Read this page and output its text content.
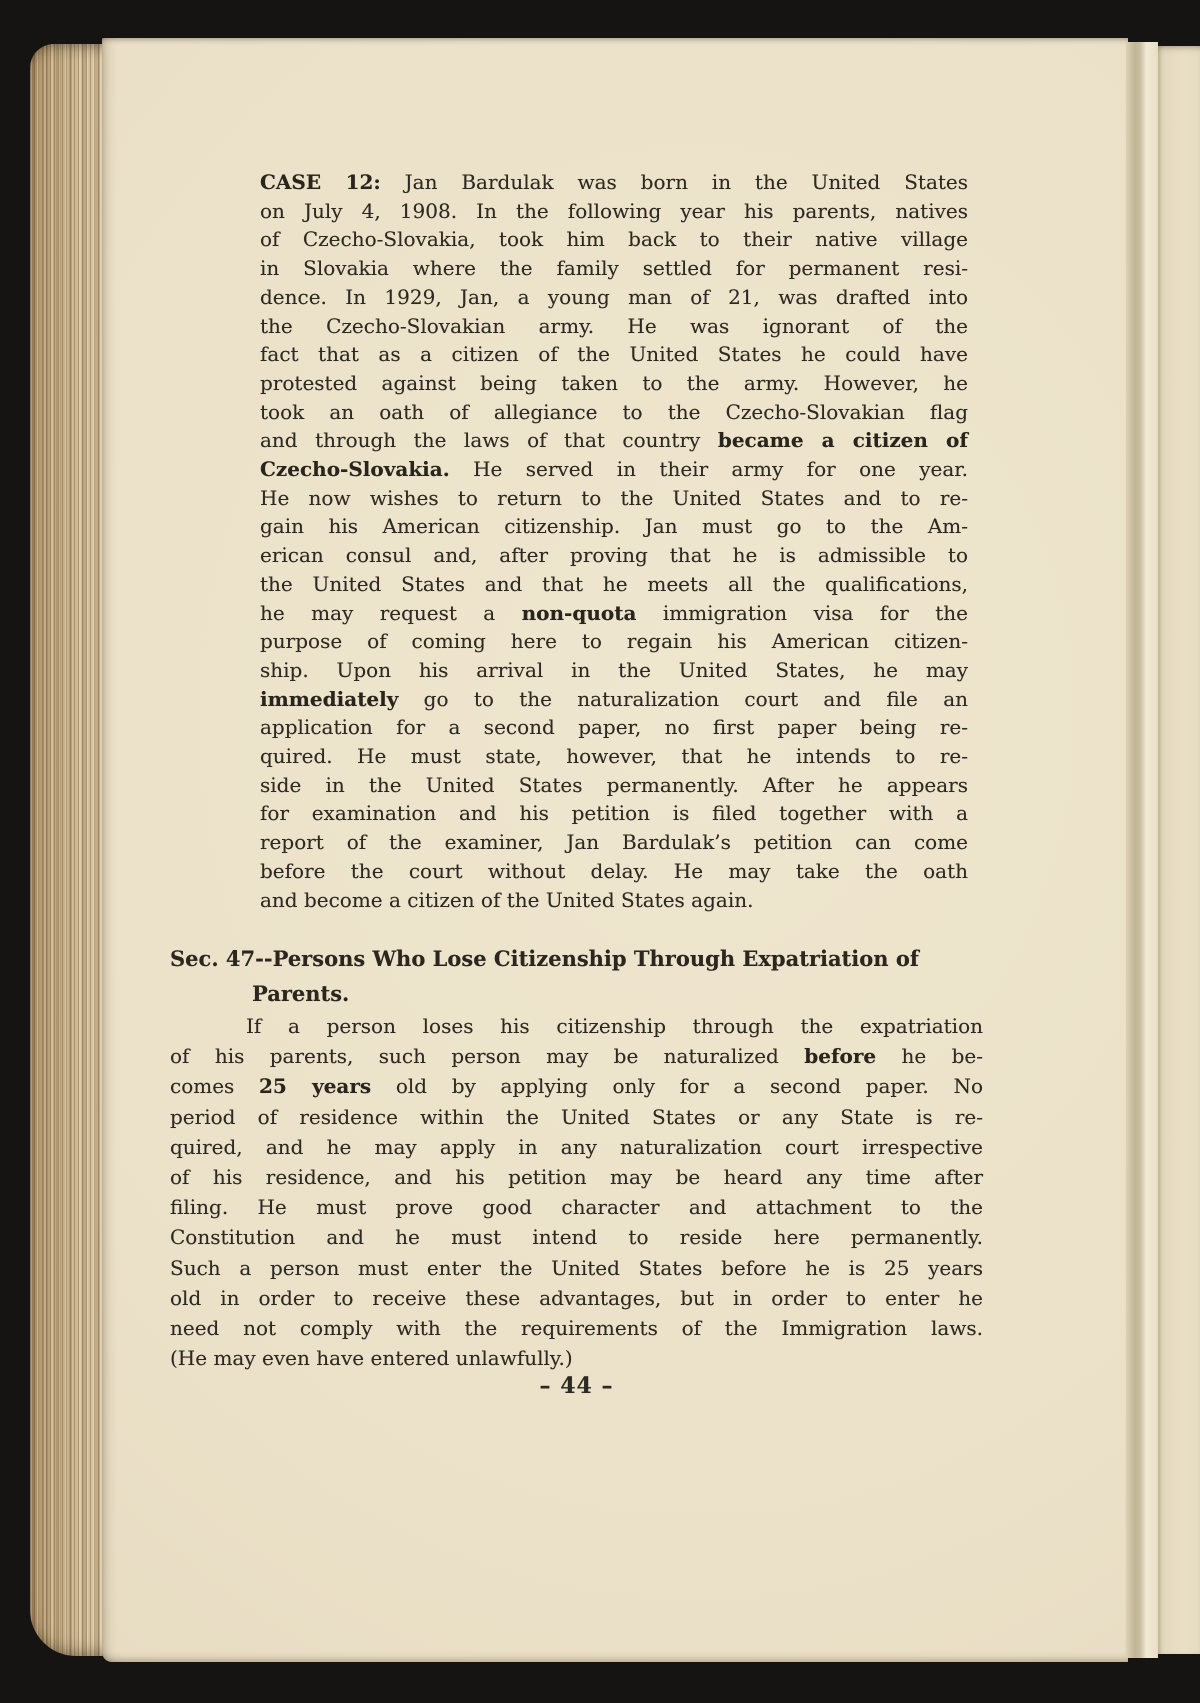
CASE 12: Jan Bardulak was born in the United States
on July 4, 1908. In the following year his parents, natives
of Czecho-Slovakia, took him back to their native village
in Slovakia where the family settled for permanent resi-
dence. In 1929, Jan, a young man of 21, was drafted into
the Czecho-Slovakian army. He was ignorant of the
fact that as a citizen of the United States he could have
protested against being taken to the army. However, he
took an oath of allegiance to the Czecho-Slovakian flag
and through the laws of that country became a citizen of
Czecho-Slovakia. He served in their army for one year.
He now wishes to return to the United States and to re-
gain his American citizenship. Jan must go to the Am-
erican consul and, after proving that he is admissible to
the United States and that he meets all the qualifications,
he may request a non-quota immigration visa for the
purpose of coming here to regain his American citizen-
ship. Upon his arrival in the United States, he may
immediately go to the naturalization court and file an
application for a second paper, no first paper being re-
quired. He must state, however, that he intends to re-
side in the United States permanently. After he appears
for examination and his petition is filed together with a
report of the examiner, Jan Bardulak’s petition can come
before the court without delay. He may take the oath
and become a citizen of the United States again.
Sec. 47--Persons Who Lose Citizenship Through Expatriation of
Parents.
If a person loses his citizenship through the expatriation
of his parents, such person may be naturalized before he be-
comes 25 years old by applying only for a second paper. No
period of residence within the United States or any State is re-
quired, and he may apply in any naturalization court irrespective
of his residence, and his petition may be heard any time after
filing. He must prove good character and attachment to the
Constitution and he must intend to reside here permanently.
Such a person must enter the United States before he is 25 years
old in order to receive these advantages, but in order to enter he
need not comply with the requirements of the Immigration laws.
(He may even have entered unlawfully.)
– 44 –
